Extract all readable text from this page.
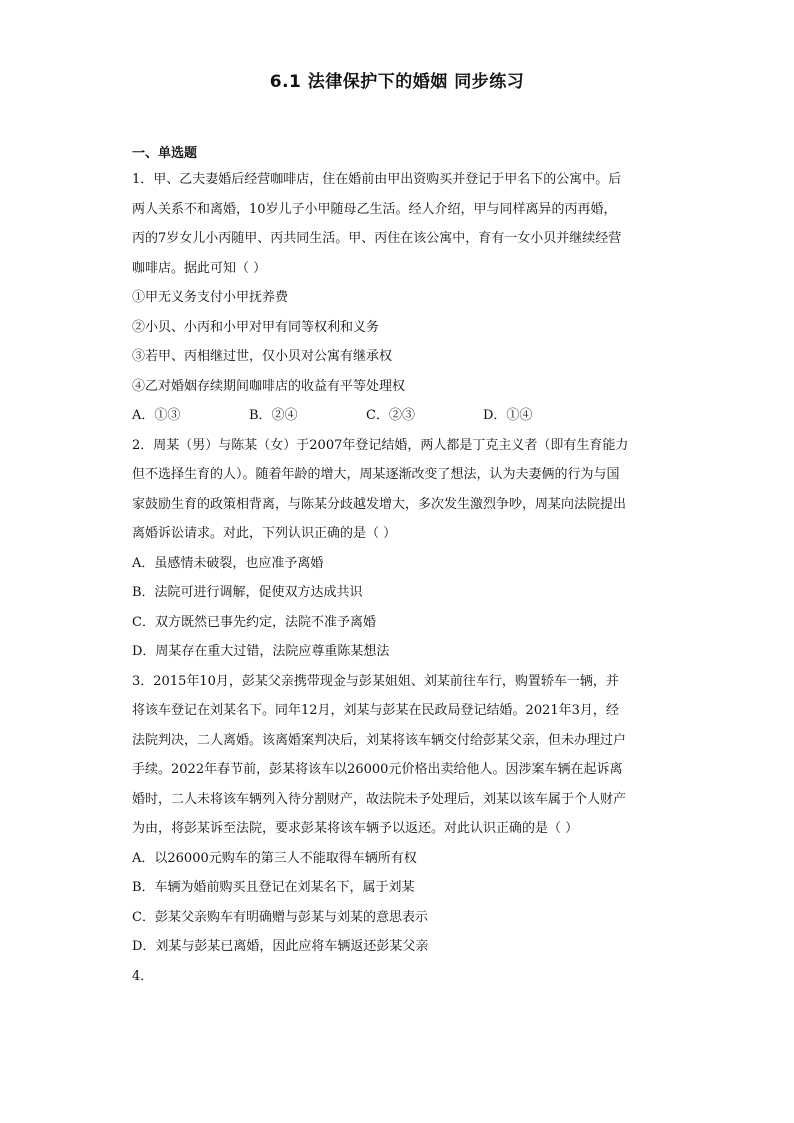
6.1 法律保护下的婚姻 同步练习
一、单选题
1．甲、乙夫妻婚后经营咖啡店，住在婚前由甲出资购买并登记于甲名下的公寓中。后
两人关系不和离婚，10岁儿子小甲随母乙生活。经人介绍，甲与同样离异的丙再婚，
丙的7岁女儿小丙随甲、丙共同生活。甲、丙住在该公寓中，育有一女小贝并继续经营
咖啡店。据此可知（ ）
①甲无义务支付小甲抚养费
②小贝、小丙和小甲对甲有同等权利和义务
③若甲、丙相继过世，仅小贝对公寓有继承权
④乙对婚姻存续期间咖啡店的收益有平等处理权
A．①③	B．②④	C．②③	D．①④
2．周某（男）与陈某（女）于2007年登记结婚，两人都是丁克主义者（即有生育能力
但不选择生育的人）。随着年龄的增大，周某逐渐改变了想法，认为夫妻俩的行为与国
家鼓励生育的政策相背离，与陈某分歧越发增大，多次发生激烈争吵，周某向法院提出
离婚诉讼请求。对此，下列认识正确的是（ ）
A．虽感情未破裂，也应准予离婚
B．法院可进行调解，促使双方达成共识
C．双方既然已事先约定，法院不准予离婚
D．周某存在重大过错，法院应尊重陈某想法
3．2015年10月，彭某父亲携带现金与彭某姐姐、刘某前往车行，购置轿车一辆，并
将该车登记在刘某名下。同年12月，刘某与彭某在民政局登记结婚。2021年3月，经
法院判决，二人离婚。该离婚案判决后，刘某将该车辆交付给彭某父亲，但未办理过户
手续。2022年春节前，彭某将该车以26000元价格出卖给他人。因涉案车辆在起诉离
婚时，二人未将该车辆列入待分割财产，故法院未予处理后，刘某以该车属于个人财产
为由，将彭某诉至法院，要求彭某将该车辆予以返还。对此认识正确的是（ ）
A．以26000元购车的第三人不能取得车辆所有权
B．车辆为婚前购买且登记在刘某名下，属于刘某
C．彭某父亲购车有明确赠与彭某与刘某的意思表示
D．刘某与彭某已离婚，因此应将车辆返还彭某父亲
4．
